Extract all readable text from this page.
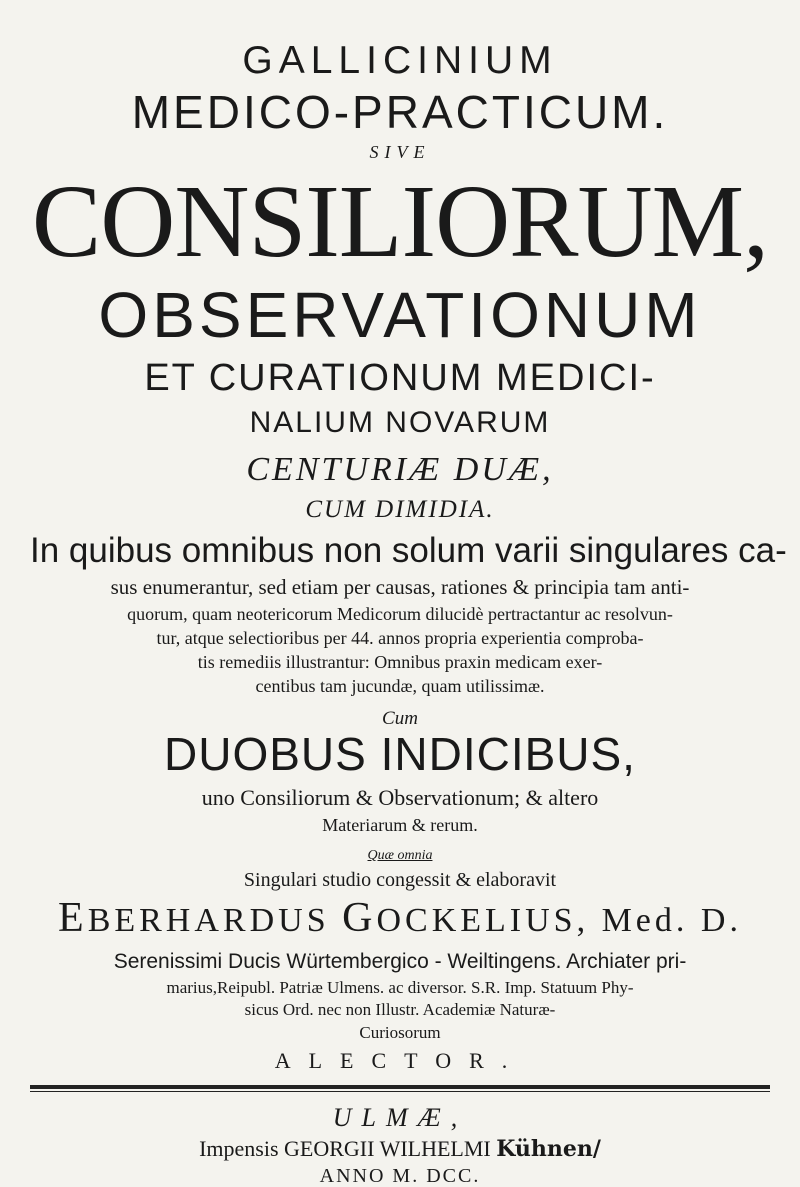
GALLICINIUM
MEDICO-PRACTICUM.
SIVE
CONSILIORUM,
OBSERVATIONUM
ET CURATIONUM MEDICI-
NALIUM NOVARUM
CENTURIÆ DUÆ,
CUM DIMIDIA.
In quibus omnibus non solum varii singulares ca-
sus enumerantur, sed etiam per causas, rationes & principia tam anti-
quorum, quam neotericorum Medicorum dilucidè pertractantur ac resolvun-
tur, atque selectioribus per 44. annos propria experientia comproba-
tis remediis illustrantur: Omnibus praxin medicam exer-
centibus tam jucundæ, quam utilissimæ.
Cum
DUOBUS INDICIBUS,
uno Consiliorum & Observationum; & altero
Materiarum & rerum.
Quæ omnia
Singulari studio congessit & elaboravit
EBERHARDUS GOCKELIUS, Med. D.
Serenissimi Ducis Würtembergico - Weiltingens. Archiater pri-
marius,Reipubl. Patriæ Ulmens. ac diversor. S.R. Imp. Statuum Phy-
sicus Ord. nec non Illustr. Academiæ Naturæ-
Curiosorum
ALECTOR.
ULMÆ,
Impensis GEORGII WILHELMI Kühnen/
ANNO M. DCC.
